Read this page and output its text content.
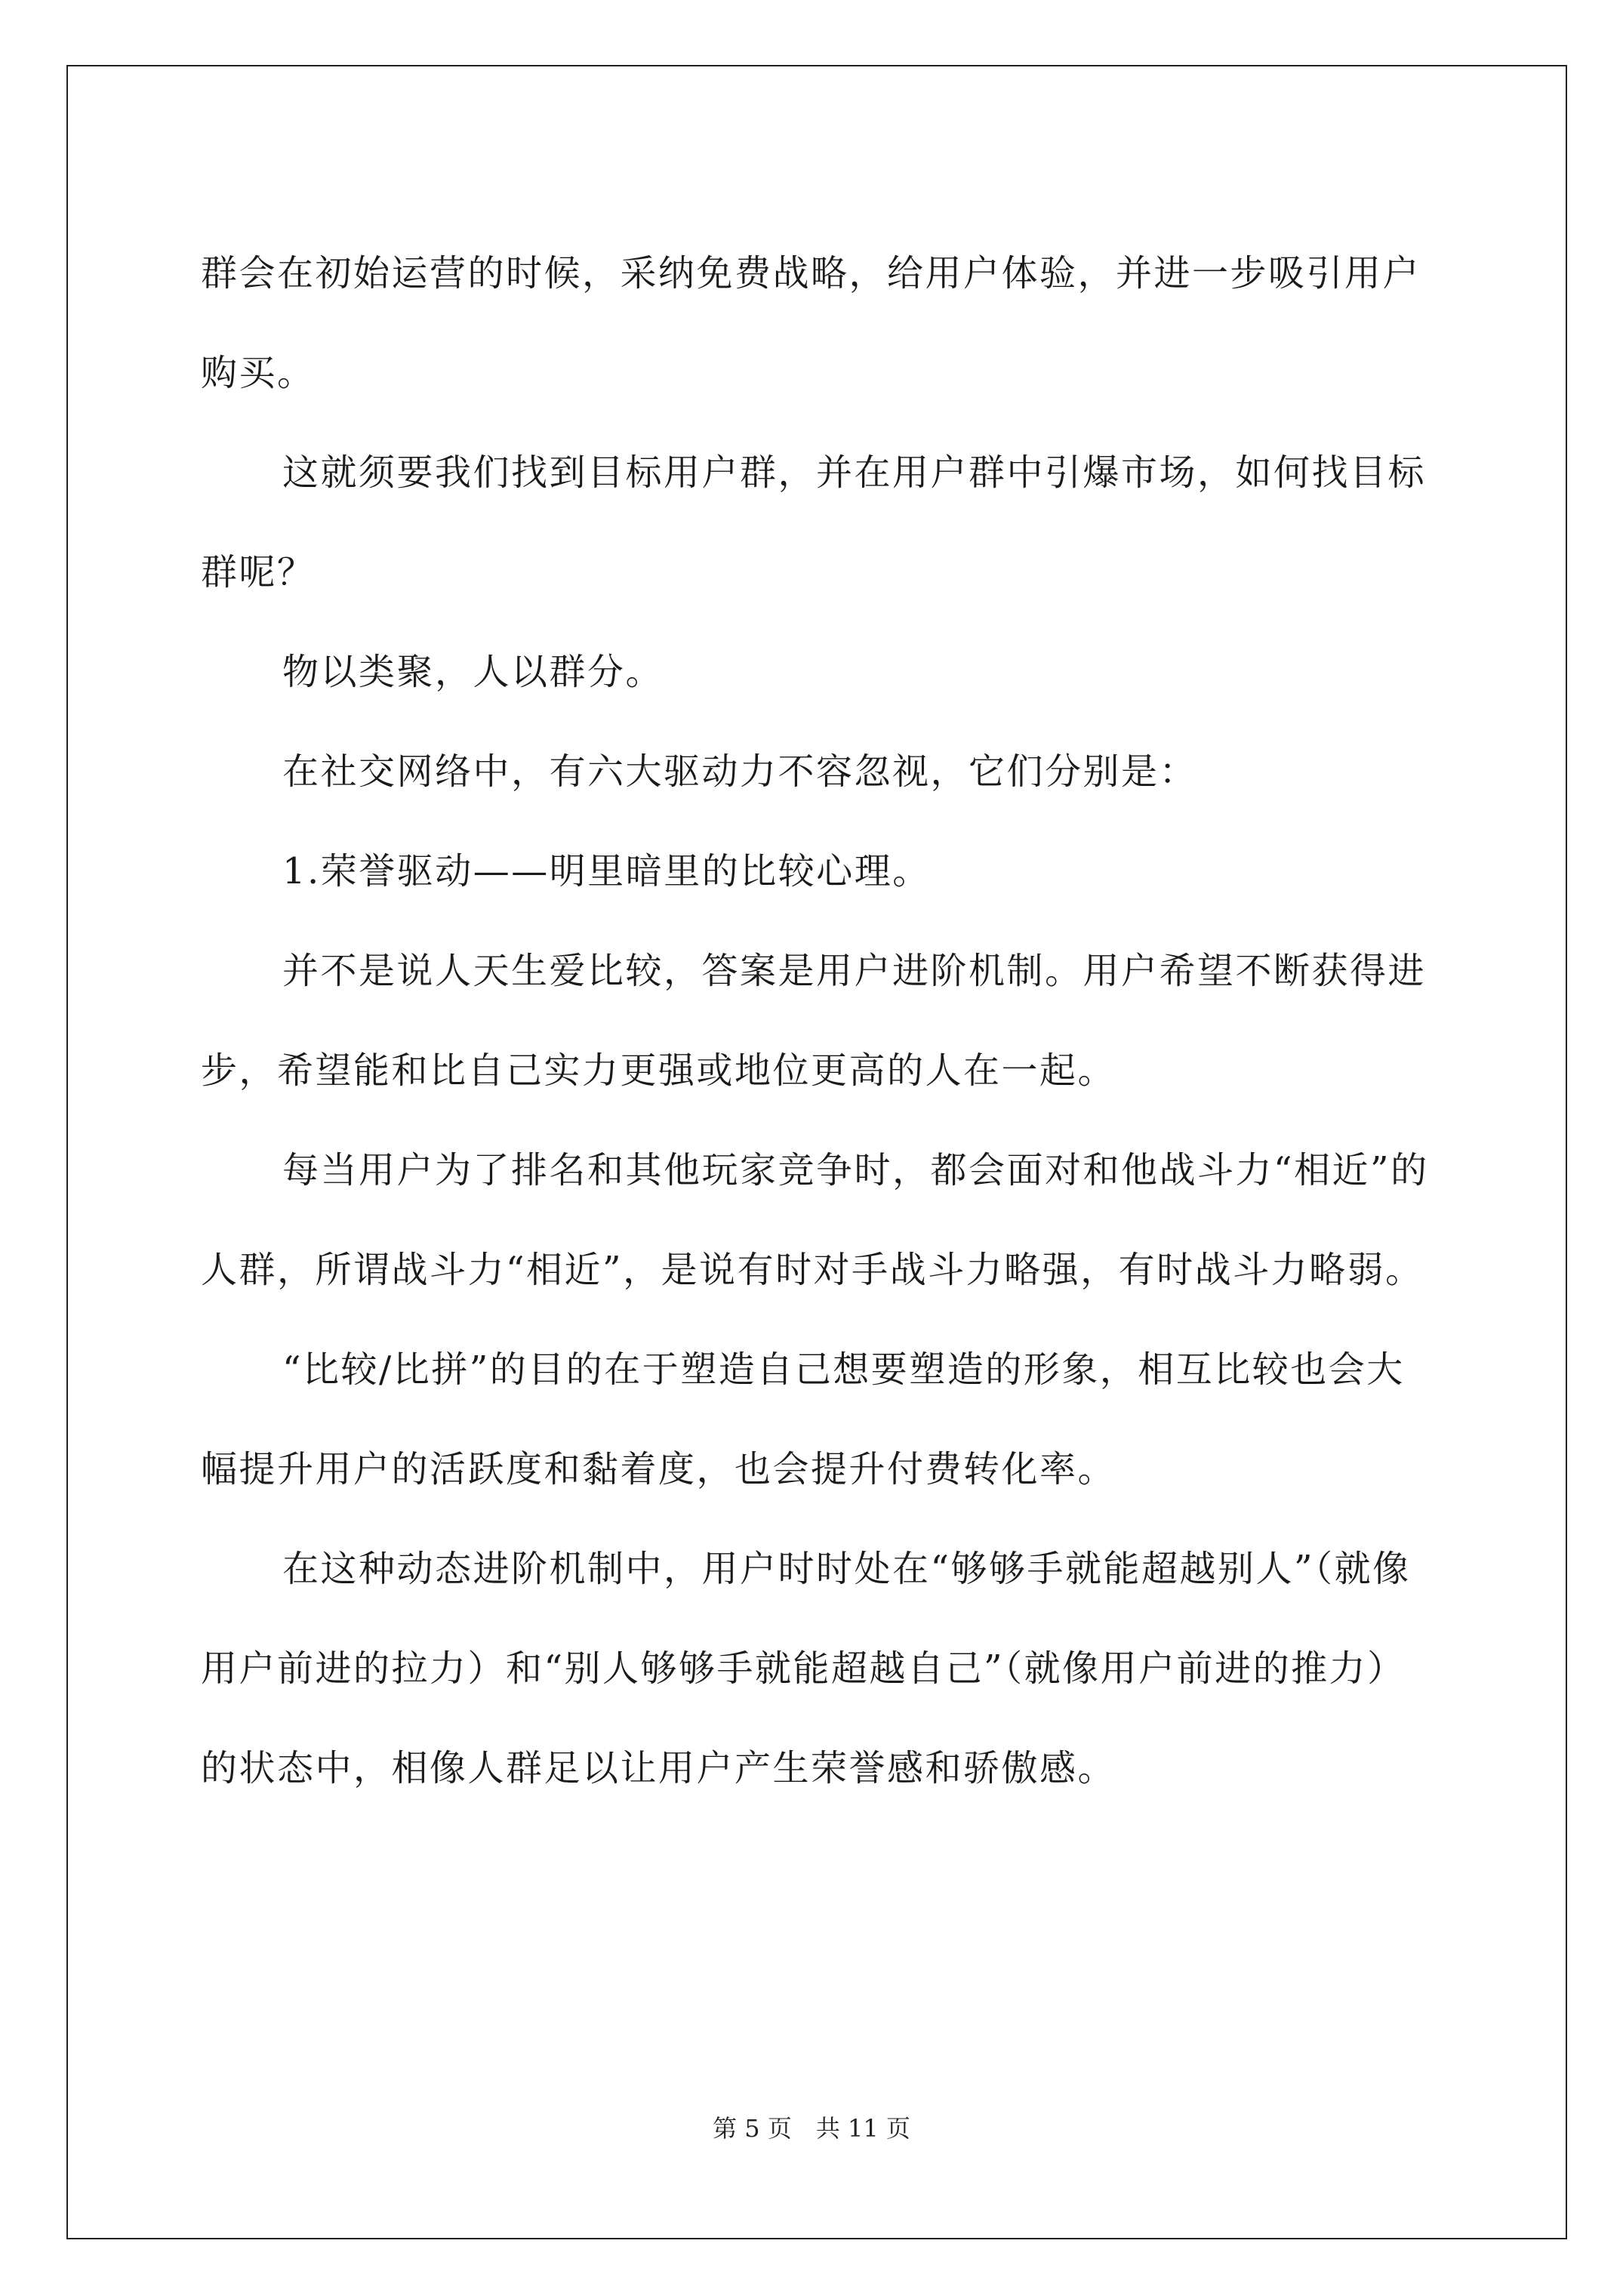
群会在初始运营的时候，采纳免费战略，给用户体验，并进一步吸引用户购买。

这就须要我们找到目标用户群，并在用户群中引爆市场，如何找目标群呢？

物以类聚，人以群分。

在社交网络中，有六大驱动力不容忽视，它们分别是：

1.荣誉驱动——明里暗里的比较心理。

并不是说人天生爱比较，答案是用户进阶机制。用户希望不断获得进步，希望能和比自己实力更强或地位更高的人在一起。

每当用户为了排名和其他玩家竞争时，都会面对和他战斗力“相近”的人群，所谓战斗力“相近”，是说有时对手战斗力略强，有时战斗力略弱。

“比较/比拼”的目的在于塑造自己想要塑造的形象，相互比较也会大幅提升用户的活跃度和黏着度，也会提升付费转化率。

在这种动态进阶机制中，用户时时处在“够够手就能超越别人”（就像用户前进的拉力）和“别人够够手就能超越自己”（就像用户前进的推力）的状态中，相像人群足以让用户产生荣誉感和骄傲感。

第 5 页　共 11 页
